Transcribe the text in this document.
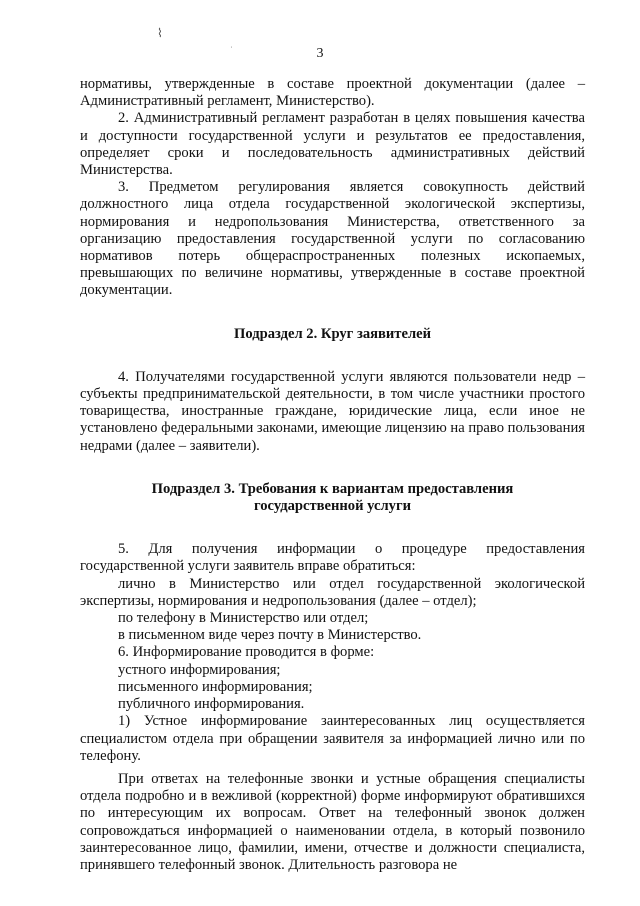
⌇
˙	3

нормативы, утвержденные в составе проектной документации (далее – Административный регламент, Министерство).

2. Административный регламент разработан в целях повышения качества и доступности государственной услуги и результатов ее предоставления, определяет сроки и последовательность административных действий Министерства.

3. Предметом регулирования является совокупность действий должностного лица отдела государственной экологической экспертизы, нормирования и недропользования Министерства, ответственного за организацию предоставления государственной услуги по согласованию нормативов потерь общераспространенных полезных ископаемых, превышающих по величине нормативы, утвержденные в составе проектной документации.

Подраздел 2. Круг заявителей

4. Получателями государственной услуги являются пользователи недр – субъекты предпринимательской деятельности, в том числе участники простого товарищества, иностранные граждане, юридические лица, если иное не установлено федеральными законами, имеющие лицензию на право пользования недрами (далее – заявители).

Подраздел 3. Требования к вариантам предоставления
государственной услуги

5. Для получения информации о процедуре предоставления государственной услуги заявитель вправе обратиться:

лично в Министерство или отдел государственной экологической экспертизы, нормирования и недропользования (далее – отдел);

по телефону в Министерство или отдел;

в письменном виде через почту в Министерство.

6. Информирование проводится в форме:

устного информирования;

письменного информирования;

публичного информирования.

1) Устное информирование заинтересованных лиц осуществляется специалистом отдела при обращении заявителя за информацией лично или по телефону.

При ответах на телефонные звонки и устные обращения специалисты отдела подробно и в вежливой (корректной) форме информируют обратившихся по интересующим их вопросам. Ответ на телефонный звонок должен сопровождаться информацией о наименовании отдела, в который позвонило заинтересованное лицо, фамилии, имени, отчестве и должности специалиста, принявшего телефонный звонок. Длительность разговора не
